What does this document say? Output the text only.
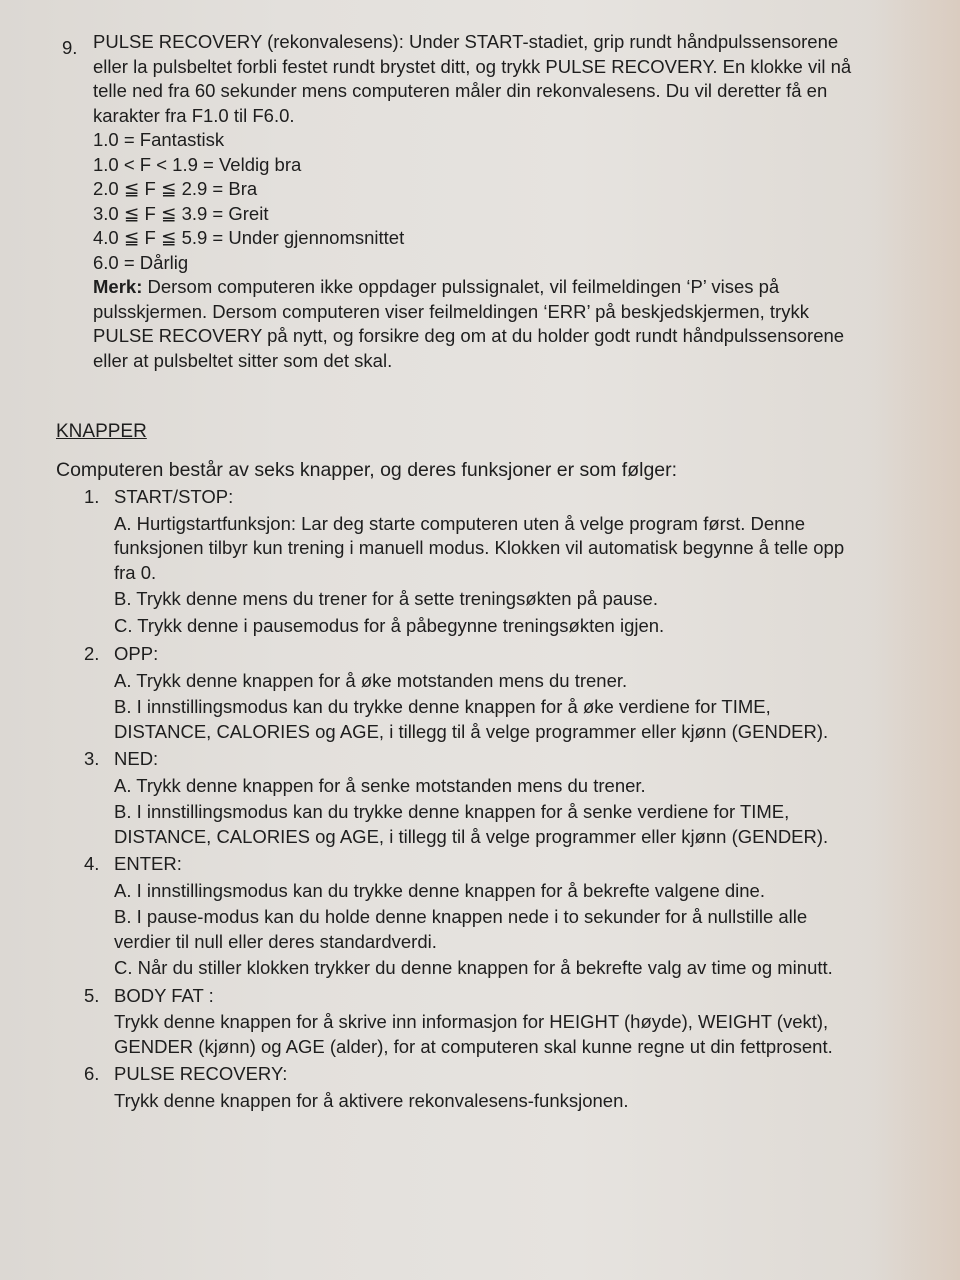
9. PULSE RECOVERY (rekonvalesens): Under START-stadiet, grip rundt håndpulssensorene eller la pulsbeltet forbli festet rundt brystet ditt, og trykk PULSE RECOVERY. En klokke vil nå telle ned fra 60 sekunder mens computeren måler din rekonvalesens. Du vil deretter få en karakter fra F1.0 til F6.0.

1.0 = Fantastisk
1.0 < F < 1.9 = Veldig bra
2.0 ≦ F ≦ 2.9 = Bra
3.0 ≦ F ≦ 3.9 = Greit
4.0 ≦ F ≦ 5.9 = Under gjennomsnittet
6.0 = Dårlig

Merk: Dersom computeren ikke oppdager pulssignalet, vil feilmeldingen ‘P’ vises på pulsskjermen. Dersom computeren viser feilmeldingen ‘ERR’ på beskjedskjermen, trykk PULSE RECOVERY på nytt, og forsikre deg om at du holder godt rundt håndpulssensorene eller at pulsbeltet sitter som det skal.

KNAPPER
Computeren består av seks knapper, og deres funksjoner er som følger:
1. START/STOP:
A. Hurtigstartfunksjon: Lar deg starte computeren uten å velge program først. Denne funksjonen tilbyr kun trening i manuell modus. Klokken vil automatisk begynne å telle opp fra 0.
B. Trykk denne mens du trener for å sette treningsøkten på pause.
C. Trykk denne i pausemodus for å påbegynne treningsøkten igjen.
2. OPP:
A. Trykk denne knappen for å øke motstanden mens du trener.
B. I innstillingsmodus kan du trykke denne knappen for å øke verdiene for TIME, DISTANCE, CALORIES og AGE, i tillegg til å velge programmer eller kjønn (GENDER).
3. NED:
A. Trykk denne knappen for å senke motstanden mens du trener.
B. I innstillingsmodus kan du trykke denne knappen for å senke verdiene for TIME, DISTANCE, CALORIES og AGE, i tillegg til å velge programmer eller kjønn (GENDER).
4. ENTER:
A. I innstillingsmodus kan du trykke denne knappen for å bekrefte valgene dine.
B. I pause-modus kan du holde denne knappen nede i to sekunder for å nullstille alle verdier til null eller deres standardverdi.
C. Når du stiller klokken trykker du denne knappen for å bekrefte valg av time og minutt.
5. BODY FAT :
Trykk denne knappen for å skrive inn informasjon for HEIGHT (høyde), WEIGHT (vekt), GENDER (kjønn) og AGE (alder), for at computeren skal kunne regne ut din fettprosent.
6. PULSE RECOVERY:
Trykk denne knappen for å aktivere rekonvalesens-funksjonen.
